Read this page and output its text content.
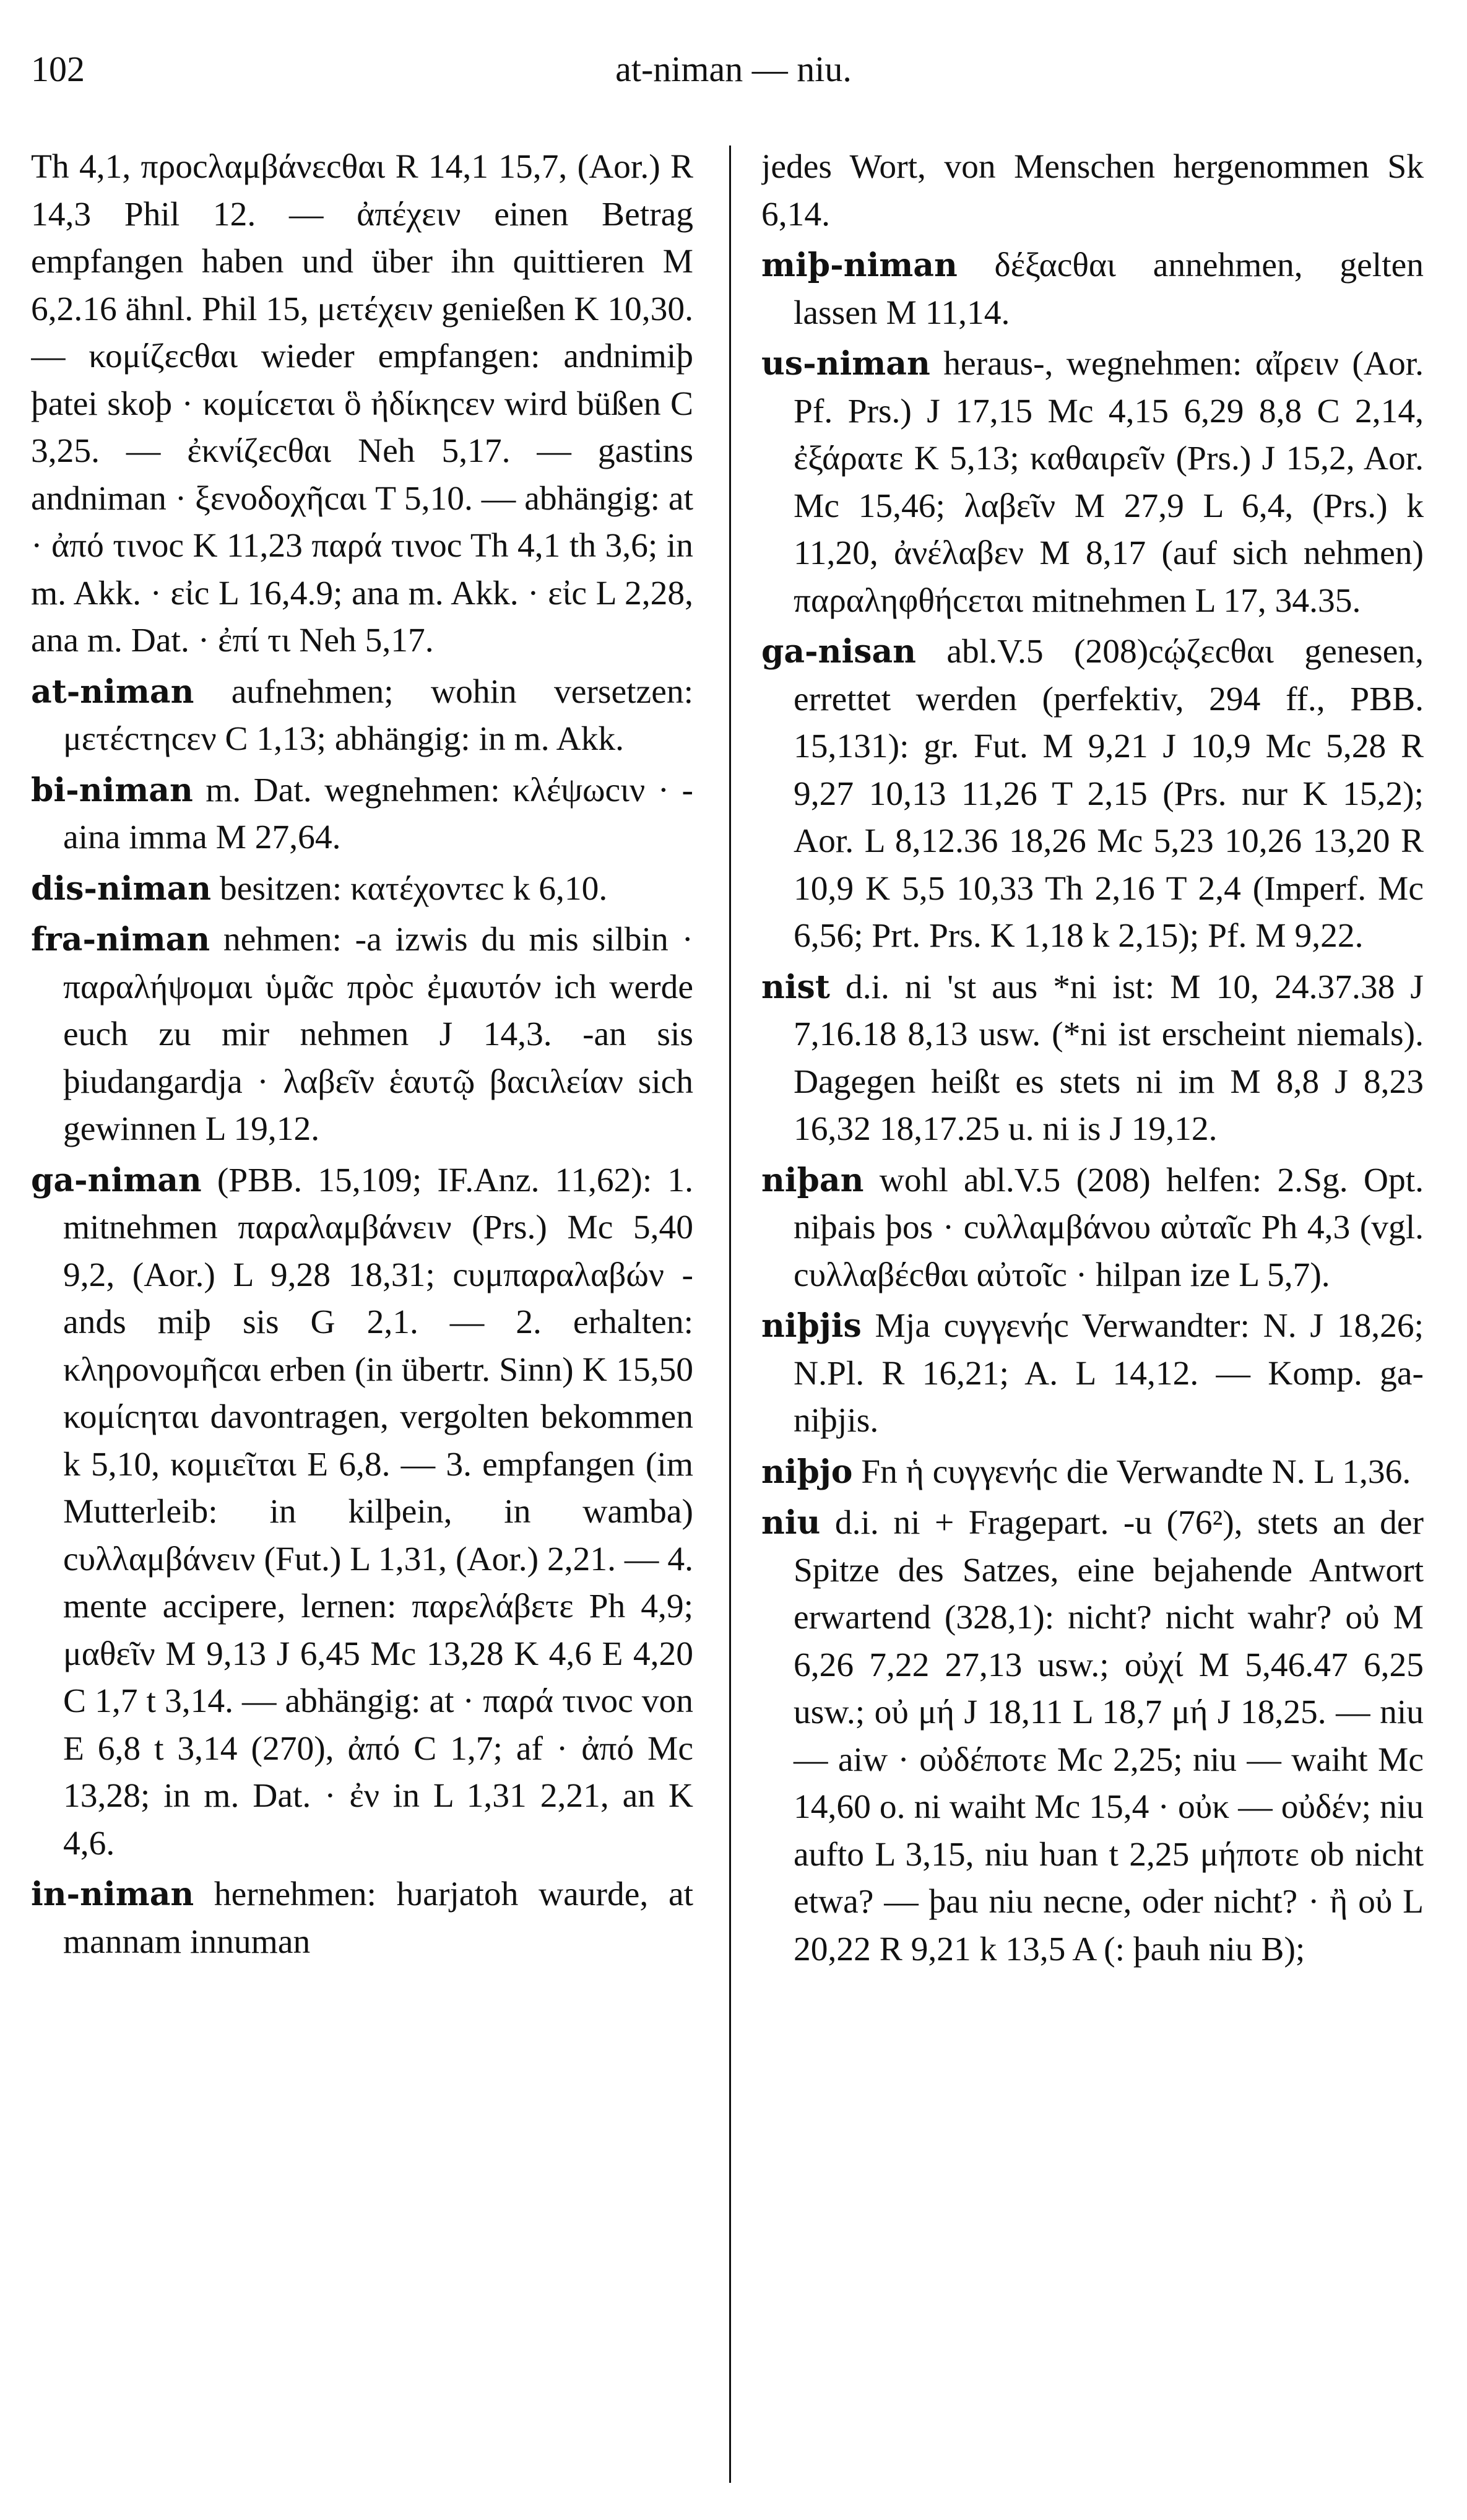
102	at-niman — niu.

Th 4,1, προcλαμβάνεcθαι R 14,1 15,7, (Aor.) R 14,3 Phil 12. — ἀπέχειν einen Betrag empfangen haben und über ihn quittieren M 6,2.16 ähnl. Phil 15, μετέχειν genießen K 10,30. — κομίζεcθαι wieder empfangen: andnimiþ þatei skoþ · κομίcεται ὃ ἠδίκηcεν wird büßen C 3,25. — ἐκνίζεcθαι Neh 5,17. — gastins andniman · ξενοδοχῆcαι T 5,10. — abhängig: at · ἀπό τινοc K 11,23 παρά τινοc Th 4,1 th 3,6; in m. Akk. · εἰc L 16,4.9; ana m. Akk. · εἰc L 2,28, ana m. Dat. · ἐπί τι Neh 5,17.

at-niman aufnehmen; wohin versetzen: μετέcτηcεν C 1,13; abhängig: in m. Akk.

bi-niman m. Dat. wegnehmen: κλέψωcιν · -aina imma M 27,64.

dis-niman besitzen: κατέχοντεc k 6,10.

fra-niman nehmen: -a izwis du mis silbin · παραλήψομαι ὑμᾶc πρὸc ἐμαυτόν ich werde euch zu mir nehmen J 14,3. -an sis þiudangardja · λαβεῖν ἑαυτῷ βαcιλείαν sich gewinnen L 19,12.

ga-niman (PBB. 15,109; IF.Anz. 11,62): 1. mitnehmen παραλαμβάνειν (Prs.) Mc 5,40 9,2, (Aor.) L 9,28 18,31; cυμπαραλαβών -ands miþ sis G 2,1. — 2. erhalten: κληρονομῆcαι erben (in übertr. Sinn) K 15,50 κομίcηται davontragen, vergolten bekommen k 5,10, κομιεῖται E 6,8. — 3. empfangen (im Mutterleib: in kilþein, in wamba) cυλλαμβάνειν (Fut.) L 1,31, (Aor.) 2,21. — 4. mente accipere, lernen: παρελάβετε Ph 4,9; μαθεῖν M 9,13 J 6,45 Mc 13,28 K 4,6 E 4,20 C 1,7 t 3,14. — abhängig: at · παρά τινοc von E 6,8 t 3,14 (270), ἀπό C 1,7; af · ἀπό Mc 13,28; in m. Dat. · ἐν in L 1,31 2,21, an K 4,6.

in-niman hernehmen: ƕarjatoh waurde, at mannam innuman

jedes Wort, von Menschen hergenommen Sk 6,14.

miþ-niman δέξαcθαι annehmen, gelten lassen M 11,14.

us-niman heraus-, wegnehmen: αἴρειν (Aor. Pf. Prs.) J 17,15 Mc 4,15 6,29 8,8 C 2,14, ἐξάρατε K 5,13; καθαιρεῖν (Prs.) J 15,2, Aor. Mc 15,46; λαβεῖν M 27,9 L 6,4, (Prs.) k 11,20, ἀνέλαβεν M 8,17 (auf sich nehmen) παραληφθήcεται mitnehmen L 17, 34.35.

ga-nisan abl.V.5 (208)cῴζεcθαι genesen, errettet werden (perfektiv, 294 ff., PBB. 15,131): gr. Fut. M 9,21 J 10,9 Mc 5,28 R 9,27 10,13 11,26 T 2,15 (Prs. nur K 15,2); Aor. L 8,12.36 18,26 Mc 5,23 10,26 13,20 R 10,9 K 5,5 10,33 Th 2,16 T 2,4 (Imperf. Mc 6,56; Prt. Prs. K 1,18 k 2,15); Pf. M 9,22.

nist d.i. ni 'st aus *ni ist: M 10, 24.37.38 J 7,16.18 8,13 usw. (*ni ist erscheint niemals). Dagegen heißt es stets ni im M 8,8 J 8,23 16,32 18,17.25 u. ni is J 19,12.

niþan wohl abl.V.5 (208) helfen: 2.Sg. Opt. niþais þos · cυλλαμβάνου αὐταῖc Ph 4,3 (vgl. cυλλαβέcθαι αὐτοῖc · hilpan ize L 5,7).

niþjis Mja cυγγενήc Verwandter: N. J 18,26; N.Pl. R 16,21; A. L 14,12. — Komp. ga-niþjis.

niþjo Fn ἡ cυγγενήc die Verwandte N. L 1,36.

niu d.i. ni + Fragepart. -u (76²), stets an der Spitze des Satzes, eine bejahende Antwort erwartend (328,1): nicht? nicht wahr? οὐ M 6,26 7,22 27,13 usw.; οὐχί M 5,46.47 6,25 usw.; οὐ μή J 18,11 L 18,7 μή J 18,25. — niu — aiw · οὐδέποτε Mc 2,25; niu — waiht Mc 14,60 o. ni waiht Mc 15,4 · οὐκ — οὐδέν; niu aufto L 3,15, niu ƕan t 2,25 μήποτε ob nicht etwa? — þau niu necne, oder nicht? · ἢ οὐ L 20,22 R 9,21 k 13,5 A (: þauh niu B);
